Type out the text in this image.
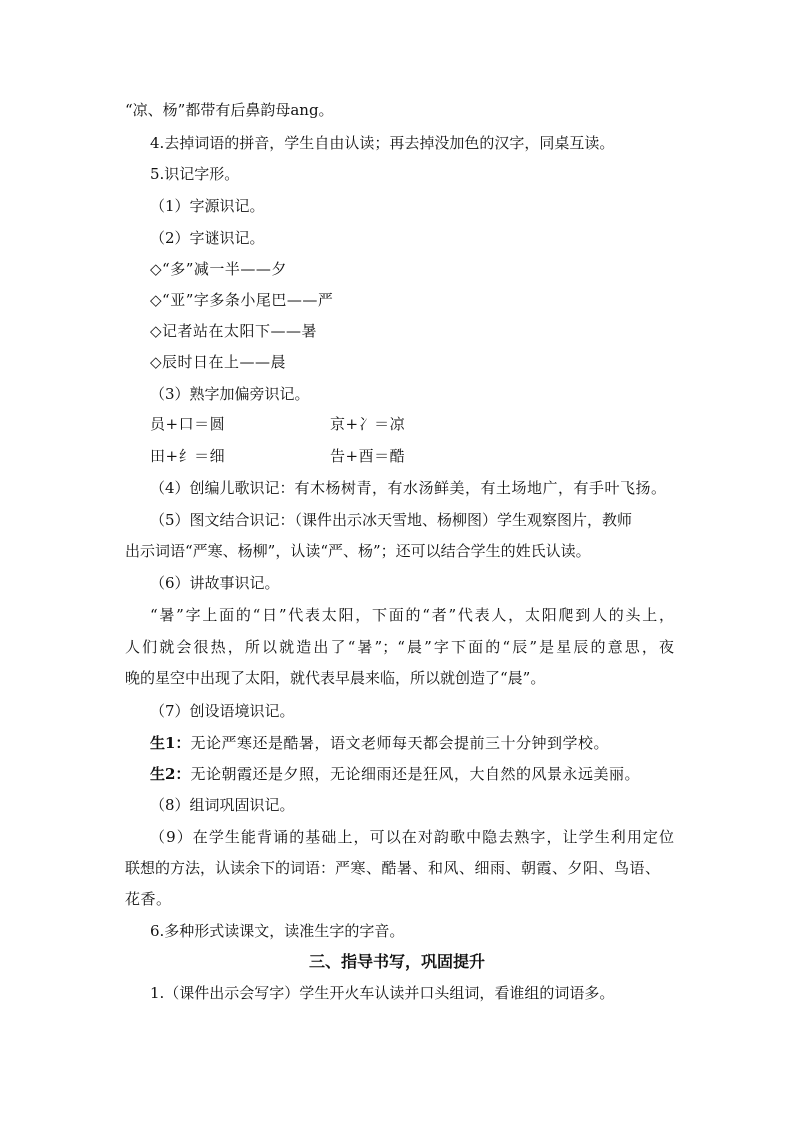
“凉、杨”都带有后鼻韵母ang。
4.去掉词语的拼音，学生自由认读；再去掉没加色的汉字，同桌互读。
5.识记字形。
（1）字源识记。
（2）字谜识记。
◇“多”减一半——夕
◇“亚”字多条小尾巴——严
◇记者站在太阳下——暑
◇辰时日在上——晨
（3）熟字加偏旁识记。
员+口＝圆	京+冫＝凉
田+纟＝细	告+酉＝酷
（4）创编儿歌识记：有木杨树青，有水汤鲜美，有土场地广，有手叶飞扬。
（5）图文结合识记：（课件出示冰天雪地、杨柳图）学生观察图片，教师
出示词语“严寒、杨柳”，认读“严、杨”；还可以结合学生的姓氏认读。
（6）讲故事识记。
“暑”字上面的“日”代表太阳，下面的“者”代表人，太阳爬到人的头上，
人们就会很热，所以就造出了“暑”；“晨”字下面的“辰”是星辰的意思，夜
晚的星空中出现了太阳，就代表早晨来临，所以就创造了“晨”。
（7）创设语境识记。
生1：无论严寒还是酷暑，语文老师每天都会提前三十分钟到学校。
生2：无论朝霞还是夕照，无论细雨还是狂风，大自然的风景永远美丽。
（8）组词巩固识记。
（9）在学生能背诵的基础上，可以在对韵歌中隐去熟字，让学生利用定位
联想的方法，认读余下的词语：严寒、酷暑、和风、细雨、朝霞、夕阳、鸟语、
花香。
6.多种形式读课文，读准生字的字音。
三、指导书写，巩固提升
1.（课件出示会写字）学生开火车认读并口头组词，看谁组的词语多。
